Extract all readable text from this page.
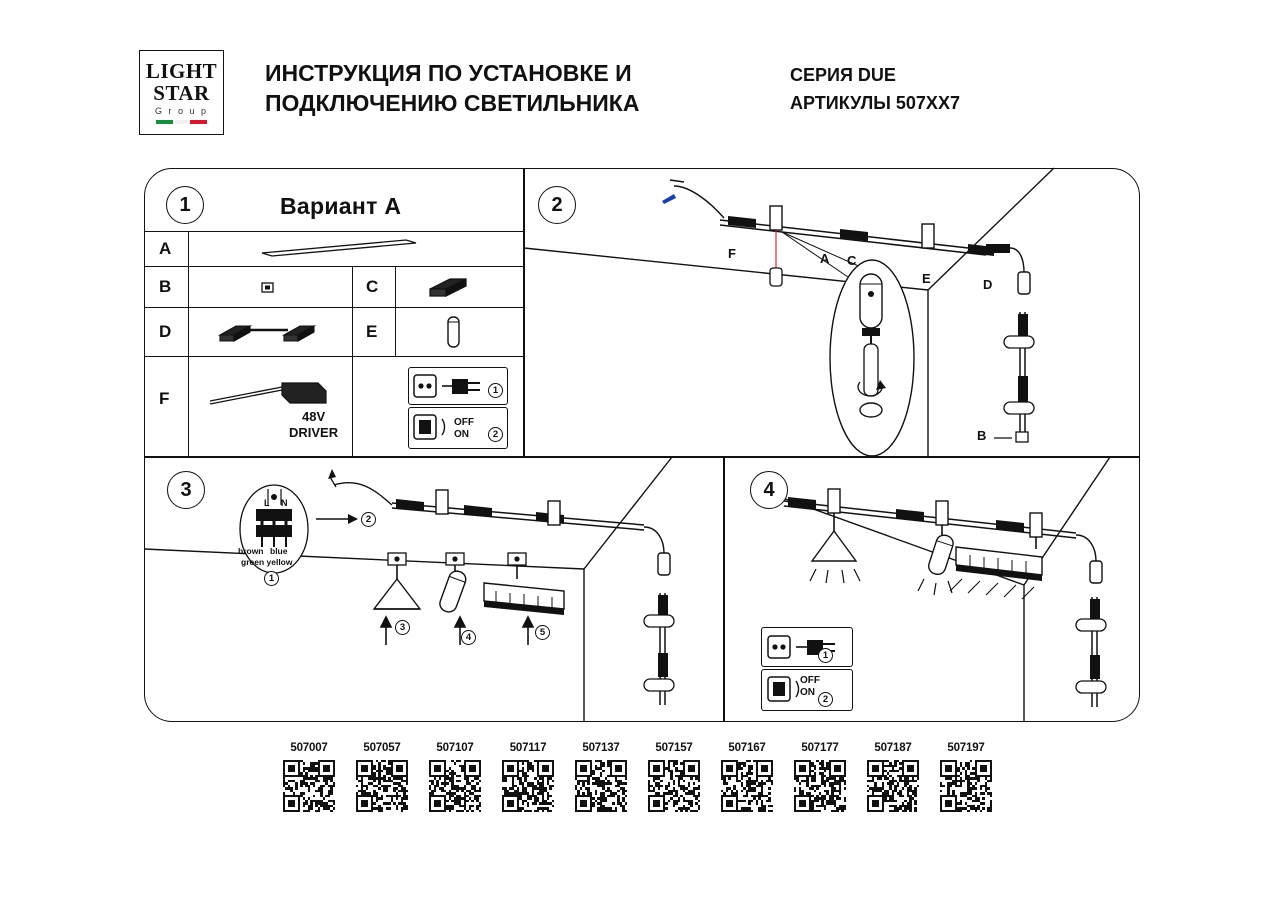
LIGHT
STAR
G r o u p
ИНСТРУКЦИЯ ПО УСТАНОВКЕ И ПОДКЛЮЧЕНИЮ СВЕТИЛЬНИКА
СЕРИЯ DUE
АРТИКУЛЫ 507ХХ7
1	2
3	4
Вариант A
A
B	C
D	E
F
48V
DRIVER
1
2
OFF
ON
F	A C
E	D
B
L N
brown blue
green yellow
1
2
3
4	5
1
2
OFF
ON
507007	507057	507107	507117	507137	507157	507167	507177	507187	507197
